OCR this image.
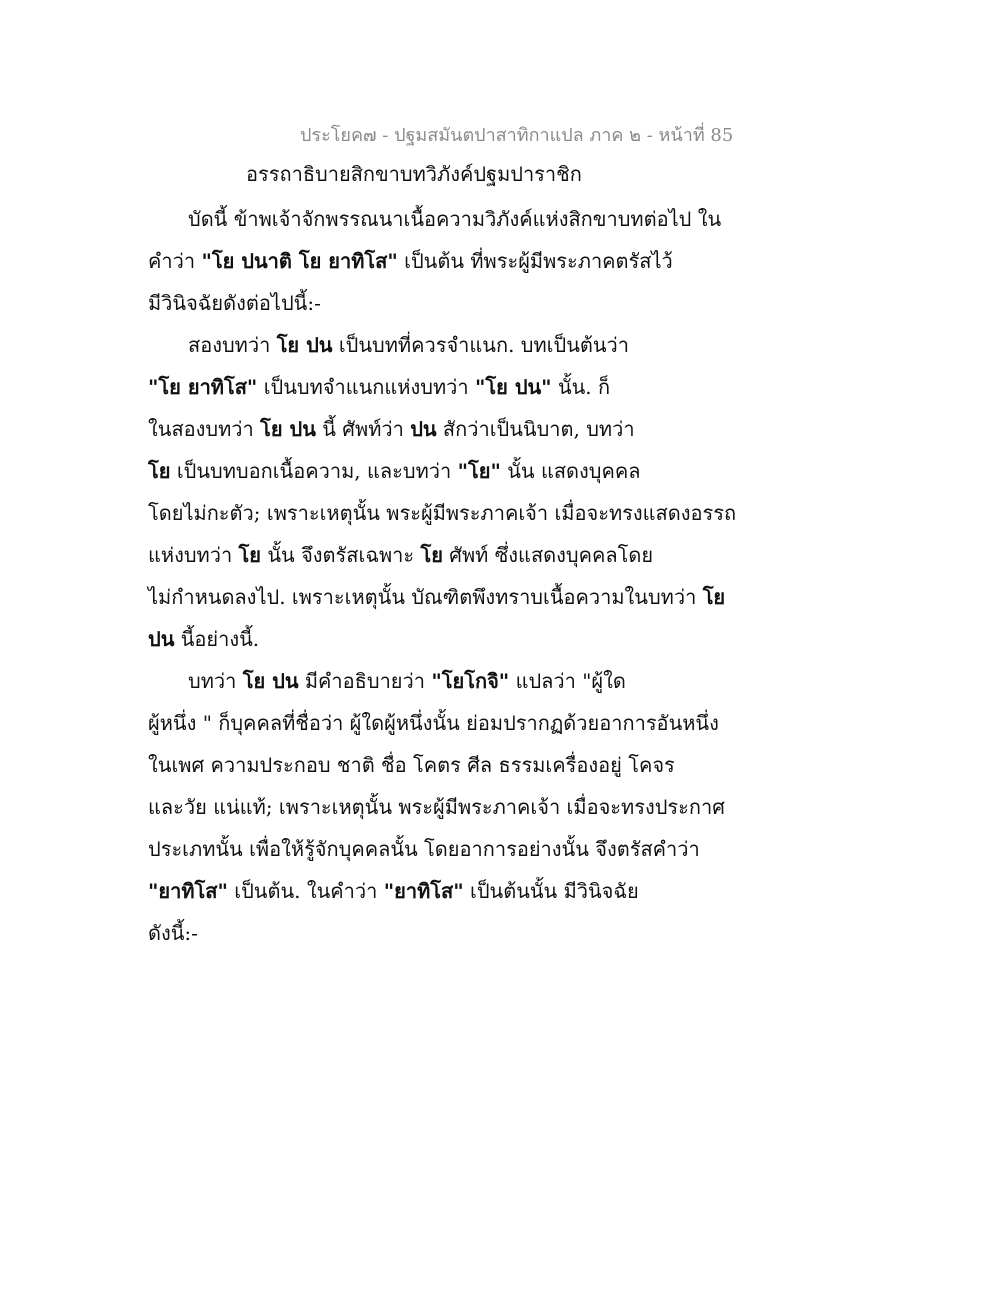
ประโยค๗ - ปฐมสมันตปาสาทิกาแปล ภาค ๒ - หน้าที่ 85
อรรถาธิบายสิกขาบทวิภังค์ปฐมปาราชิก
บัดนี้ ข้าพเจ้าจักพรรณนาเนื้อความวิภังค์แห่งสิกขาบทต่อไป ใน
คำว่า "โย ปนาติ โย ยาทิโส" เป็นต้น ที่พระผู้มีพระภาคตรัสไว้
มีวินิจฉัยดังต่อไปนี้:-
สองบทว่า โย ปน เป็นบทที่ควรจำแนก. บทเป็นต้นว่า
"โย ยาทิโส" เป็นบทจำแนกแห่งบทว่า "โย ปน" นั้น. ก็
ในสองบทว่า โย ปน นี้ ศัพท์ว่า ปน สักว่าเป็นนิบาต, บทว่า
โย เป็นบทบอกเนื้อความ, และบทว่า "โย" นั้น แสดงบุคคล
โดยไม่กะตัว; เพราะเหตุนั้น พระผู้มีพระภาคเจ้า เมื่อจะทรงแสดงอรรถ
แห่งบทว่า โย นั้น จึงตรัสเฉพาะ โย ศัพท์ ซึ่งแสดงบุคคลโดย
ไม่กำหนดลงไป. เพราะเหตุนั้น บัณฑิตพึงทราบเนื้อความในบทว่า โย
ปน นี้อย่างนี้.
บทว่า โย ปน มีคำอธิบายว่า "โยโกจิ" แปลว่า "ผู้ใด
ผู้หนึ่ง " ก็บุคคลที่ชื่อว่า ผู้ใดผู้หนึ่งนั้น ย่อมปรากฏด้วยอาการอันหนึ่ง
ในเพศ ความประกอบ ชาติ ชื่อ โคตร ศีล ธรรมเครื่องอยู่ โคจร
และวัย แน่แท้; เพราะเหตุนั้น พระผู้มีพระภาคเจ้า เมื่อจะทรงประกาศ
ประเภทนั้น เพื่อให้รู้จักบุคคลนั้น โดยอาการอย่างนั้น จึงตรัสคำว่า
"ยาทิโส" เป็นต้น. ในคำว่า "ยาทิโส" เป็นต้นนั้น มีวินิจฉัย
ดังนี้:-
